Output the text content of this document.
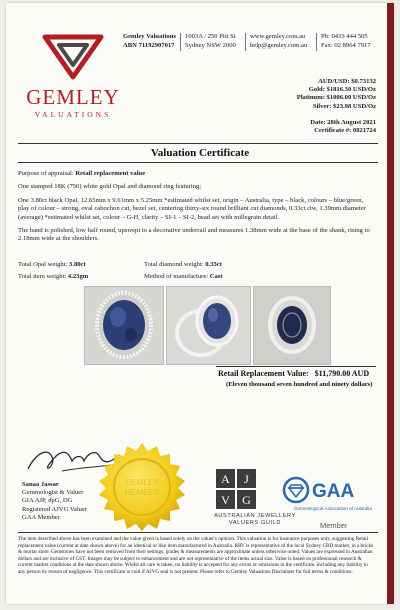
GEMLEY
VALUATIONS
Gemley Valuations
ABN 71192907017
1003A / 250 Pitt St
Sydney NSW 2000
www.gemley.com.au
help@gemley.com.au
Ph: 0433 444 505
Fax: 02 8964 7917
AUD/USD: $0.73132
Gold: $1816.30 USD/Oz
Platinum: $1006.00 USD/Oz
Silver: $23.98 USD/Oz
Date: 28th August 2021
Certificate #: 0821724
Valuation Certificate

Purpose of appraisal: Retail replacement value

One stamped 18K (750) white gold Opal and diamond ring featuring;

One 3.80ct black Opal, 12.65mm x 9.61mm x 5.25mm *estimated whilst set, origin – Australia, type – black, colours – blue/green, play of colour – strong, oval cabochon cut, bezel set, centering thirty-six round brilliant cut diamonds, 0.33ct ctw, 1.39mm diameter (average) *estimated whilst set, colour – G-H, clarity – SI-1 – SI-2, bead set with millegrain detail.

The band is polished, low half round, upswept to a decorative underrail and measures 1.38mm wide at the base of the shank, rising to 2.18mm wide at the shoulders.

Total Opal weight: 3.80ct	Total diamond weight: 0.33ct
Total item weight: 4.23gm	Method of manufacture: Cast
Retail Replacement Value: $11,790.00 AUD
(Eleven thousand seven hundred and ninety dollars)
GEMLEY
MEMBER
Sanaa Jassar
Gemmologist & Valuer
GIA AJP, dpG, DG
Registered AJVG Valuer
GAA Member
A J
V G
AUSTRALIAN JEWELLERY
VALUERS GUILD
GAA
Gemmological Association of Australia
Member
The item described above has been examined and the value given is based solely on the valuer's opinion. This valuation is for insurance purposes only, suggesting Retail replacement value (current at date shown above) for an identical or like item manufactured in Australia. RRV is representative of the local Sydney CBD market, in a bricks & mortar store. Gemstones have not been removed from their settings, grades & measurements are approximate unless otherwise noted. Values are expressed in Australian dollars and are inclusive of GST. Images may be subject to enhancement and are not representative of the items actual size. Value is based on professional research & current market conditions at the date shown above. Whilst all care is taken, no liability is accepted for any errors or omissions in the certificate, including any liability to any person by reason of negligence. This certificate is void if AJVG seal is not present. Please refer to Gemley Valuations Disclaimer for full terms & conditions.
